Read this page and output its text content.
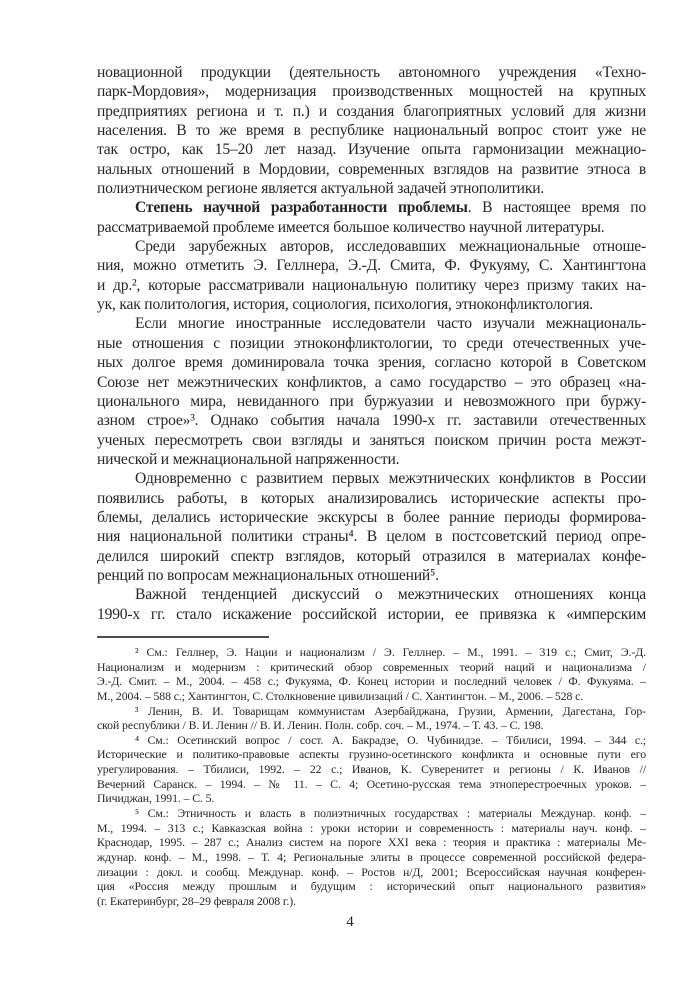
новационной продукции (деятельность автономного учреждения «Техно-
парк-Мордовия», модернизация производственных мощностей на крупных
предприятиях региона и т. п.) и создания благоприятных условий для жизни
населения. В то же время в республике национальный вопрос стоит уже не
так остро, как 15–20 лет назад. Изучение опыта гармонизации межнацио-
нальных отношений в Мордовии, современных взглядов на развитие этноса в
полиэтническом регионе является актуальной задачей этнополитики.
Степень научной разработанности проблемы. В настоящее время по
рассматриваемой проблеме имеется большое количество научной литературы.
Среди зарубежных авторов, исследовавших межнациональные отноше-
ния, можно отметить Э. Геллнера, Э.-Д. Смита, Ф. Фукуяму, С. Хантингтона
и др.², которые рассматривали национальную политику через призму таких на-
ук, как политология, история, социология, психология, этноконфликтология.
Если многие иностранные исследователи часто изучали межнациональ-
ные отношения с позиции этноконфликтологии, то среди отечественных уче-
ных долгое время доминировала точка зрения, согласно которой в Советском
Союзе нет межэтнических конфликтов, а само государство – это образец «на-
ционального мира, невиданного при буржуазии и невозможного при буржу-
азном строе»³. Однако события начала 1990-х гг. заставили отечественных
ученых пересмотреть свои взгляды и заняться поиском причин роста межэт-
нической и межнациональной напряженности.
Одновременно с развитием первых межэтнических конфликтов в России
появились работы, в которых анализировались исторические аспекты про-
блемы, делались исторические экскурсы в более ранние периоды формирова-
ния национальной политики страны⁴. В целом в постсоветский период опре-
делился широкий спектр взглядов, который отразился в материалах конфе-
ренций по вопросам межнациональных отношений⁵.
Важной тенденцией дискуссий о межэтнических отношениях конца
1990-х гг. стало искажение российской истории, ее привязка к «имперским
² См.: Геллнер, Э. Нации и национализм / Э. Геллнер. – М., 1991. – 319 с.; Смит, Э.-Д.
Национализм и модернизм : критический обзор современных теорий наций и национализма /
Э.-Д. Смит. – М., 2004. – 458 с.; Фукуяма, Ф. Конец истории и последний человек / Ф. Фукуяма. –
М., 2004. – 588 с.; Хантингтон, С. Столкновение цивилизаций / С. Хантингтон. – М., 2006. – 528 с.
³ Ленин, В. И. Товарищам коммунистам Азербайджана, Грузии, Армении, Дагестана, Гор-
ской республики / В. И. Ленин // В. И. Ленин. Полн. собр. соч. – М., 1974. – Т. 43. – С. 198.
⁴ См.: Осетинский вопрос / сост. А. Бакрадзе, О. Чубинидзе. – Тбилиси, 1994. – 344 с.;
Исторические и политико-правовые аспекты грузино-осетинского конфликта и основные пути его
урегулирования. – Тбилиси, 1992. – 22 с.; Иванов, К. Суверенитет и регионы / К. Иванов //
Вечерний Саранск. – 1994. – № 11. – С. 4; Осетино-русская тема этноперестроечных уроков. –
Пичиджан, 1991. – С. 5.
⁵ См.: Этничность и власть в полиэтничных государствах : материалы Междунар. конф. –
М., 1994. – 313 с.; Кавказская война : уроки истории и современность : материалы науч. конф. –
Краснодар, 1995. – 287 с.; Анализ систем на пороге XXI века : теория и практика : материалы Ме-
ждунар. конф. – М., 1998. – Т. 4; Региональные элиты в процессе современной российской федера-
лизации : докл. и сообщ. Междунар. конф. – Ростов н/Д, 2001; Всероссийская научная конферен-
ция «Россия между прошлым и будущим : исторический опыт национального развития»
(г. Екатеринбург, 28–29 февраля 2008 г.).
4
